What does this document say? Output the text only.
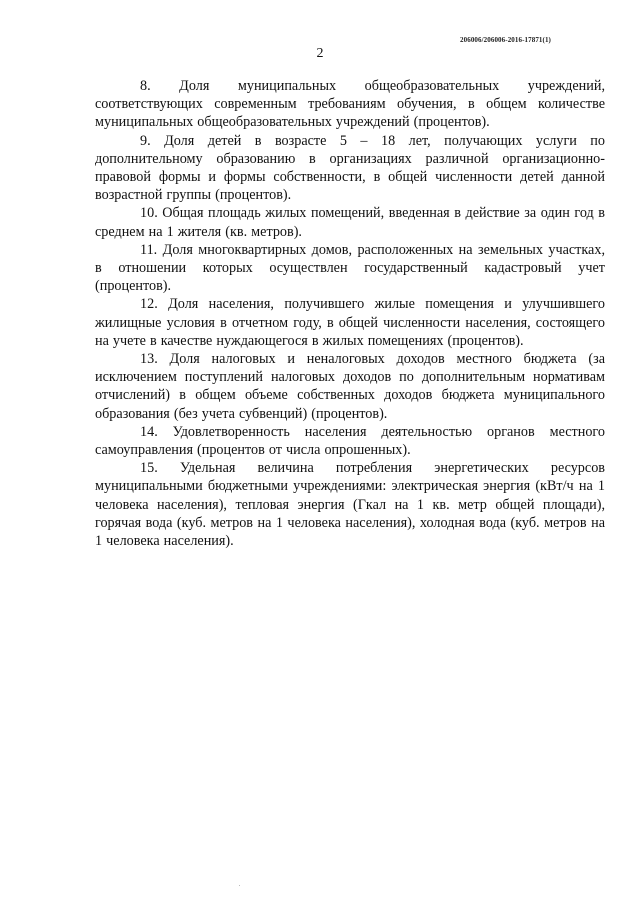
206006/206006-2016-17871(1)
2

8. Доля муниципальных общеобразовательных учреждений, соответствующих современным требованиям обучения, в общем количестве муниципальных общеобразовательных учреждений (процентов).

9. Доля детей в возрасте 5 – 18 лет, получающих услуги по дополнительному образованию в организациях различной организационно-правовой формы и формы собственности, в общей численности детей данной возрастной группы (процентов).

10. Общая площадь жилых помещений, введенная в действие за один год в среднем на 1 жителя (кв. метров).

11. Доля многоквартирных домов, расположенных на земельных участках, в отношении которых осуществлен государственный кадастровый учет (процентов).

12. Доля населения, получившего жилые помещения и улучшившего жилищные условия в отчетном году, в общей численности населения, состоящего на учете в качестве нуждающегося в жилых помещениях (процентов).

13. Доля налоговых и неналоговых доходов местного бюджета (за исключением поступлений налоговых доходов по дополнительным нормативам отчислений) в общем объеме собственных доходов бюджета муниципального образования (без учета субвенций) (процентов).

14. Удовлетворенность населения деятельностью органов местного самоуправления (процентов от числа опрошенных).

15. Удельная величина потребления энергетических ресурсов муниципальными бюджетными учреждениями: электрическая энергия (кВт/ч на 1 человека населения), тепловая энергия (Гкал на 1 кв. метр общей площади), горячая вода (куб. метров на 1 человека населения), холодная вода (куб. метров на 1 человека населения).
